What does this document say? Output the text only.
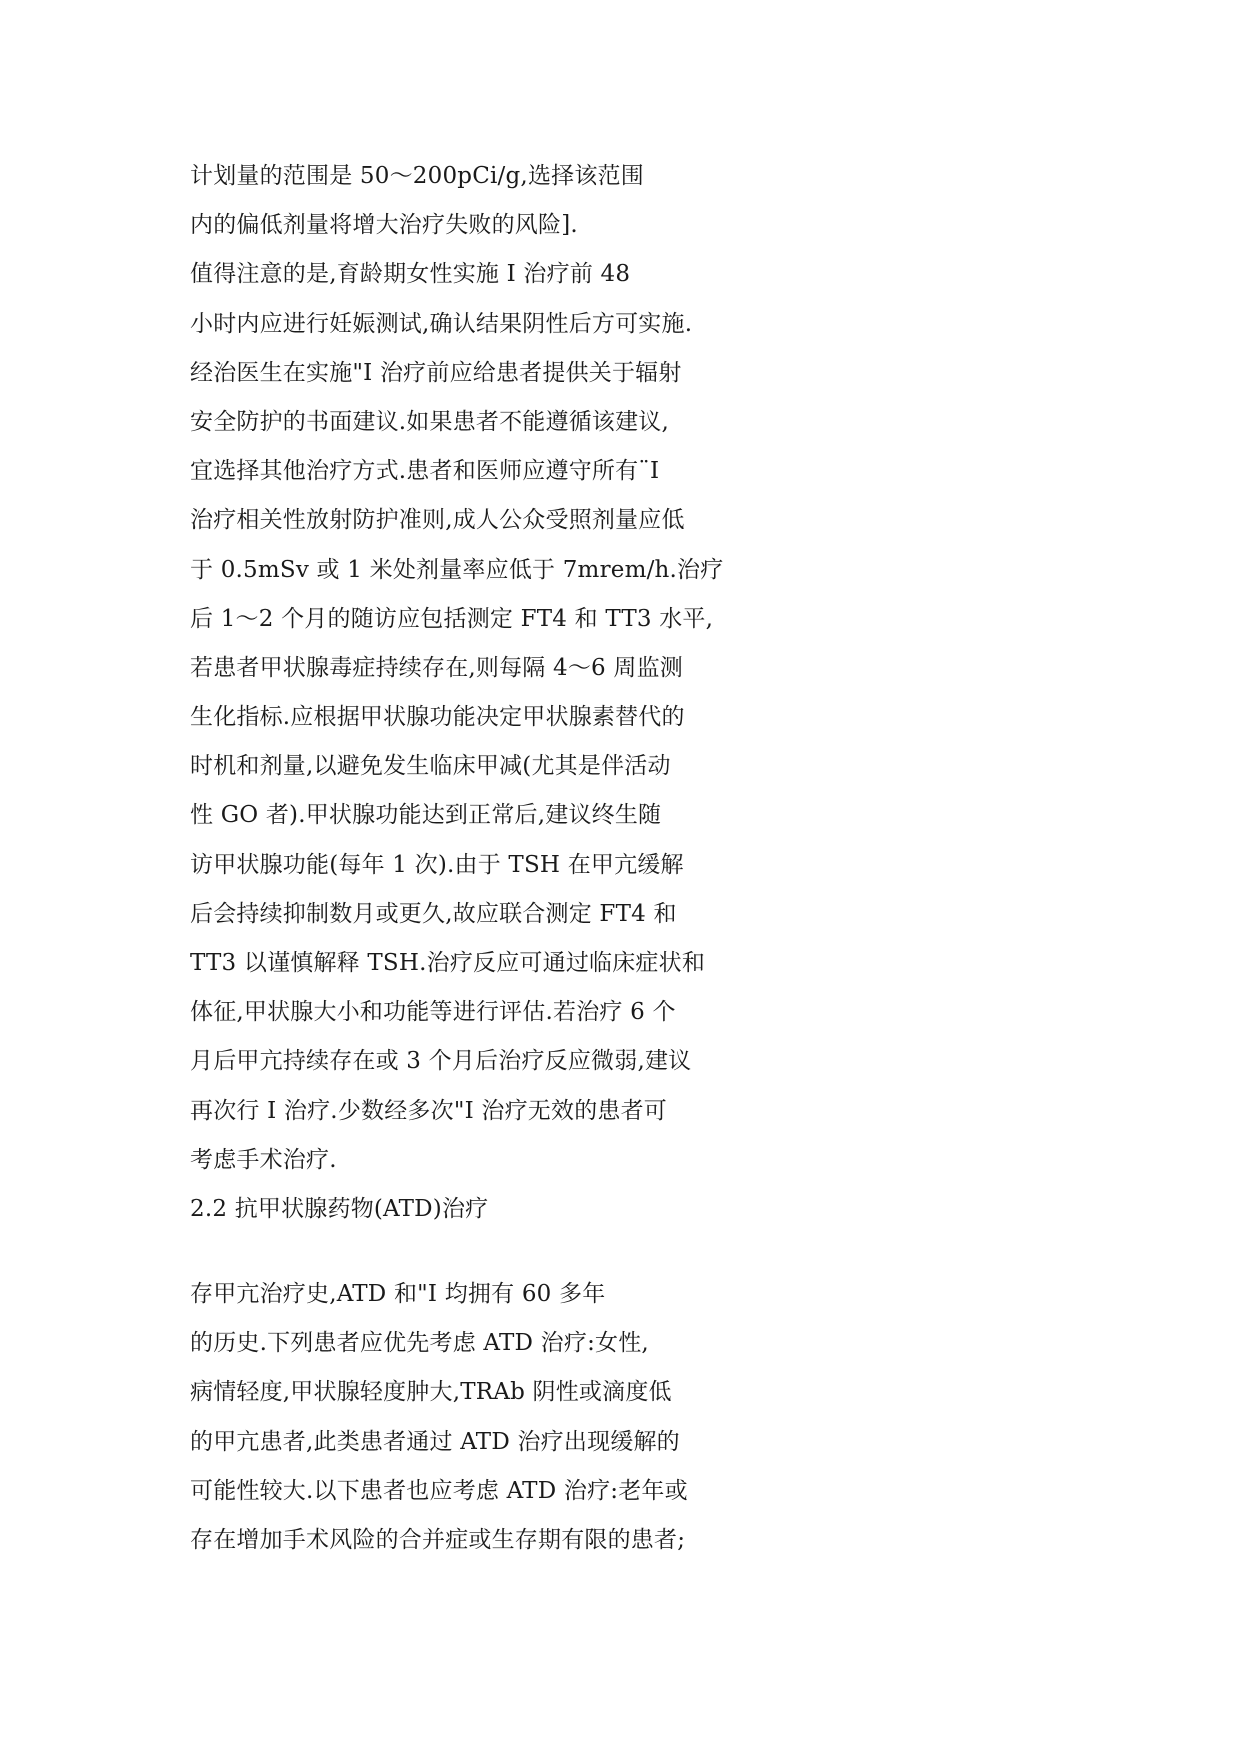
计划量的范围是 50～200pCi/g,选择该范围
内的偏低剂量将增大治疗失败的风险].
值得注意的是,育龄期女性实施 I 治疗前 48
小时内应进行妊娠测试,确认结果阴性后方可实施.
经治医生在实施"I 治疗前应给患者提供关于辐射
安全防护的书面建议.如果患者不能遵循该建议,
宜选择其他治疗方式.患者和医师应遵守所有¨I
治疗相关性放射防护准则,成人公众受照剂量应低
于 0.5mSv 或 1 米处剂量率应低于 7mrem/h.治疗
后 1～2 个月的随访应包括测定 FT4 和 TT3 水平,
若患者甲状腺毒症持续存在,则每隔 4～6 周监测
生化指标.应根据甲状腺功能决定甲状腺素替代的
时机和剂量,以避免发生临床甲减(尤其是伴活动
性 GO 者).甲状腺功能达到正常后,建议终生随
访甲状腺功能(每年 1 次).由于 TSH 在甲亢缓解
后会持续抑制数月或更久,故应联合测定 FT4 和
TT3 以谨慎解释 TSH.治疗反应可通过临床症状和
体征,甲状腺大小和功能等进行评估.若治疗 6 个
月后甲亢持续存在或 3 个月后治疗反应微弱,建议
再次行 I 治疗.少数经多次"I 治疗无效的患者可
考虑手术治疗.
2.2 抗甲状腺药物(ATD)治疗
存甲亢治疗史,ATD 和"I 均拥有 60 多年
的历史.下列患者应优先考虑 ATD 治疗:女性,
病情轻度,甲状腺轻度肿大,TRAb 阴性或滴度低
的甲亢患者,此类患者通过 ATD 治疗出现缓解的
可能性较大.以下患者也应考虑 ATD 治疗:老年或
存在增加手术风险的合并症或生存期有限的患者;
